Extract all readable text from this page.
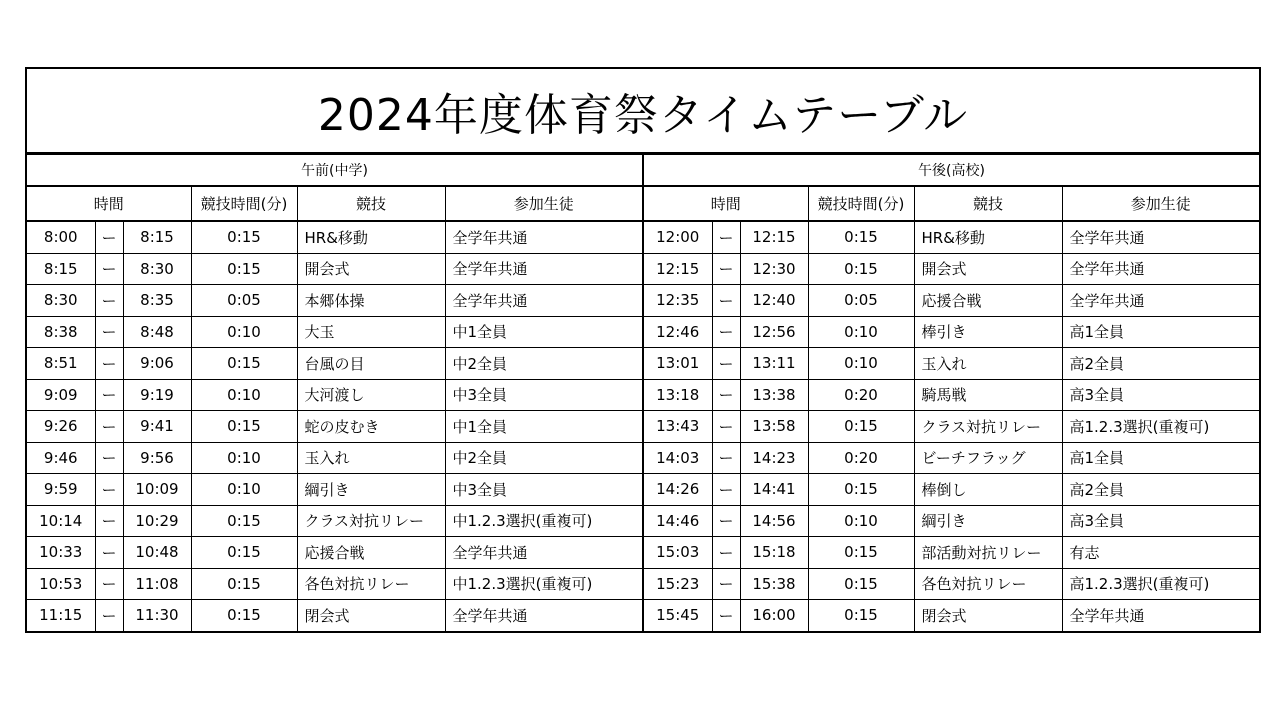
2024年度体育祭タイムテーブル
午前(中学)					
時間			競技時間(分)	競技	参加生徒
8:00	ー	8:15	0:15	HR&移動	全学年共通
8:15	ー	8:30	0:15	開会式	全学年共通
8:30	ー	8:35	0:05	本郷体操	全学年共通
8:38	ー	8:48	0:10	大玉	中1全員
8:51	ー	9:06	0:15	台風の目	中2全員
9:09	ー	9:19	0:10	大河渡し	中3全員
9:26	ー	9:41	0:15	蛇の皮むき	中1全員
9:46	ー	9:56	0:10	玉入れ	中2全員
9:59	ー	10:09	0:10	綱引き	中3全員
10:14	ー	10:29	0:15	クラス対抗リレー	中1.2.3選択(重複可)
10:33	ー	10:48	0:15	応援合戦	全学年共通
10:53	ー	11:08	0:15	各色対抗リレー	中1.2.3選択(重複可)
11:15	ー	11:30	0:15	閉会式	全学年共通
午後(高校)					
時間			競技時間(分)	競技	参加生徒
12:00	ー	12:15	0:15	HR&移動	全学年共通
12:15	ー	12:30	0:15	開会式	全学年共通
12:35	ー	12:40	0:05	応援合戦	全学年共通
12:46	ー	12:56	0:10	棒引き	高1全員
13:01	ー	13:11	0:10	玉入れ	高2全員
13:18	ー	13:38	0:20	騎馬戦	高3全員
13:43	ー	13:58	0:15	クラス対抗リレー	高1.2.3選択(重複可)
14:03	ー	14:23	0:20	ビーチフラッグ	高1全員
14:26	ー	14:41	0:15	棒倒し	高2全員
14:46	ー	14:56	0:10	綱引き	高3全員
15:03	ー	15:18	0:15	部活動対抗リレー	有志
15:23	ー	15:38	0:15	各色対抗リレー	高1.2.3選択(重複可)
15:45	ー	16:00	0:15	閉会式	全学年共通
